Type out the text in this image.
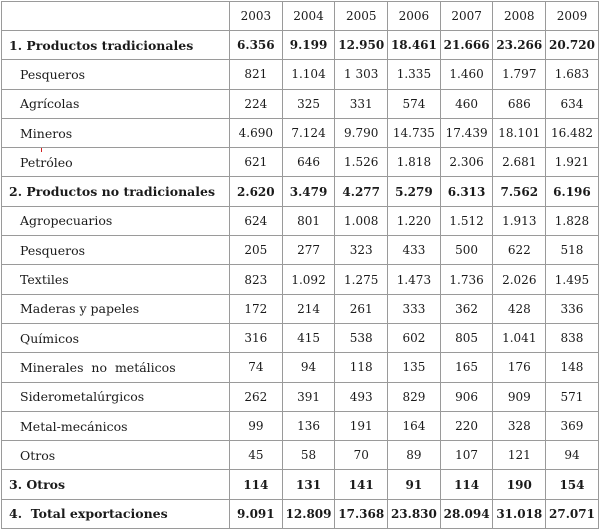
	2003	2004	2005	2006	2007	2008	2009
1. Productos tradicionales	6.356	9.199	12.950	18.461	21.666	23.266	20.720
Pesqueros	821	1.104	1 303	1.335	1.460	1.797	1.683
Agrícolas	224	325	331	574	460	686	634
Mineros	4.690	7.124	9.790	14.735	17.439	18.101	16.482

Petróleo	621	646	1.526	1.818	2.306	2.681	1.921
2. Productos no tradicionales	2.620	3.479	4.277	5.279	6.313	7.562	6.196
Agropecuarios	624	801	1.008	1.220	1.512	1.913	1.828
Pesqueros	205	277	323	433	500	622	518
Textiles	823	1.092	1.275	1.473	1.736	2.026	1.495
Maderas y papeles	172	214	261	333	362	428	336
Químicos	316	415	538	602	805	1.041	838
Minerales  no  metálicos	74	94	118	135	165	176	148
Siderometalúrgicos	262	391	493	829	906	909	571
Metal-mecánicos	99	136	191	164	220	328	369
Otros	45	58	70	89	107	121	94
3. Otros	114	131	141	91	114	190	154
4.  Total exportaciones	9.091	12.809	17.368	23.830	28.094	31.018	27.071
